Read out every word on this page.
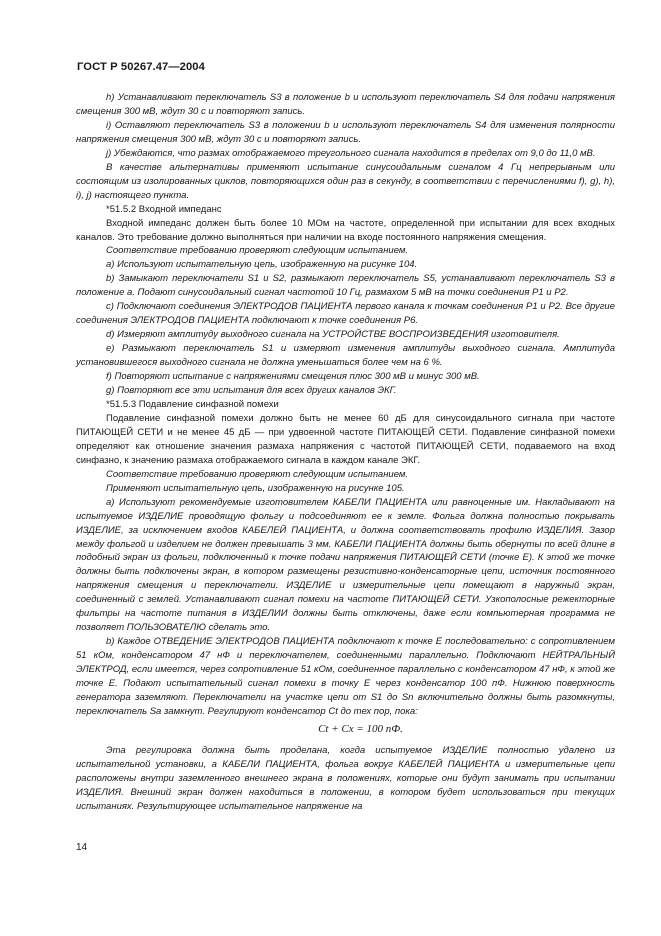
ГОСТ Р 50267.47—2004

h) Устанавливают переключатель S3 в положение b и используют переключатель S4 для подачи напряжения смещения 300 мВ, ждут 30 с и повторяют запись.

i) Оставляют переключатель S3 в положении b и используют переключатель S4 для изменения полярности напряжения смещения 300 мВ, ждут 30 с и повторяют запись.

j) Убеждаются, что размах отображаемого треугольного сигнала находится в пределах от 9,0 до 11,0 мВ.

В качестве альтернативы применяют испытание синусоидальным сигналом 4 Гц непрерывным или состоящим из изолированных циклов, повторяющихся один раз в секунду, в соответствии с перечислениями f), g), h), i), j) настоящего пункта.

*51.5.2 Входной импеданс

Входной импеданс должен быть более 10 МОм на частоте, определенной при испытании для всех входных каналов. Это требование должно выполняться при наличии на входе постоянного напряжения смещения.

Соответствие требованию проверяют следующим испытанием.

а) Используют испытательную цепь, изображенную на рисунке 104.

b) Замыкают переключатели S1 и S2, размыкают переключатель S5, устанавливают переключатель S3 в положение a. Подают синусоидальный сигнал частотой 10 Гц, размахом 5 мВ на точки соединения P1 и P2.

с) Подключают соединения ЭЛЕКТРОДОВ ПАЦИЕНТА первого канала к точкам соединения P1 и P2. Все другие соединения ЭЛЕКТРОДОВ ПАЦИЕНТА подключают к точке соединения P6.

d) Измеряют амплитуду выходного сигнала на УСТРОЙСТВЕ ВОСПРОИЗВЕДЕНИЯ изготовителя.

е) Размыкают переключатель S1 и измеряют изменения амплитуды выходного сигнала. Амплитуда установившегося выходного сигнала не должна уменьшаться более чем на 6 %.

f) Повторяют испытание с напряжениями смещения плюс 300 мВ и минус 300 мВ.

g) Повторяют все эти испытания для всех других каналов ЭКГ.

*51.5.3 Подавление синфазной помехи

Подавление синфазной помехи должно быть не менее 60 дБ для синусоидального сигнала при частоте ПИТАЮЩЕЙ СЕТИ и не менее 45 дБ — при удвоенной частоте ПИТАЮЩЕЙ СЕТИ. Подавление синфазной помехи определяют как отношение значения размаха напряжения с частотой ПИТАЮЩЕЙ СЕТИ, подаваемого на вход синфазно, к значению размаха отображаемого сигнала в каждом канале ЭКГ.

Соответствие требованию проверяют следующим испытанием.

Применяют испытательную цепь, изображенную на рисунке 105.

а) Используют рекомендуемые изготовителем КАБЕЛИ ПАЦИЕНТА или равноценные им. Накладывают на испытуемое ИЗДЕЛИЕ проводящую фольгу и подсоединяют ее к земле. Фольга должна полностью покрывать ИЗДЕЛИЕ, за исключением входов КАБЕЛЕЙ ПАЦИЕНТА, и должна соответствовать профилю ИЗДЕЛИЯ. Зазор между фольгой и изделием не должен превышать 3 мм. КАБЕЛИ ПАЦИЕНТА должны быть обернуты по всей длине в подобный экран из фольги, подключенный к точке подачи напряжения ПИТАЮЩЕЙ СЕТИ (точке E). К этой же точке должны быть подключены экран, в котором размещены резистивно-конденсаторные цепи, источник постоянного напряжения смещения и переключатели. ИЗДЕЛИЕ и измерительные цепи помещают в наружный экран, соединенный с землей. Устанавливают сигнал помехи на частоте ПИТАЮЩЕЙ СЕТИ. Узкополосные режекторные фильтры на частоте питания в ИЗДЕЛИИ должны быть отключены, даже если компьютерная программа не позволяет ПОЛЬЗОВАТЕЛЮ сделать это.

b) Каждое ОТВЕДЕНИЕ ЭЛЕКТРОДОВ ПАЦИЕНТА подключают к точке E последовательно: с сопротивлением 51 кОм, конденсатором 47 нФ и переключателем, соединенными параллельно. Подключают НЕЙТРАЛЬНЫЙ ЭЛЕКТРОД, если имеется, через сопротивление 51 кОм, соединенное параллельно с конденсатором 47 нФ, к этой же точке E. Подают испытательный сигнал помехи в точку E через конденсатор 100 пФ. Нижнюю поверхность генератора заземляют. Переключатели на участке цепи от S1 до Sn включительно должны быть разомкнуты, переключатель Sa замкнут. Регулируют конденсатор Ct до тех пор, пока:

Ct + Cx = 100 пФ.

Эта регулировка должна быть проделана, когда испытуемое ИЗДЕЛИЕ полностью удалено из испытательной установки, а КАБЕЛИ ПАЦИЕНТА, фольга вокруг КАБЕЛЕЙ ПАЦИЕНТА и измерительные цепи расположены внутри заземленного внешнего экрана в положениях, которые они будут занимать при испытании ИЗДЕЛИЯ. Внешний экран должен находиться в положении, в котором будет использоваться при текущих испытаниях. Результирующее испытательное напряжение на

14
